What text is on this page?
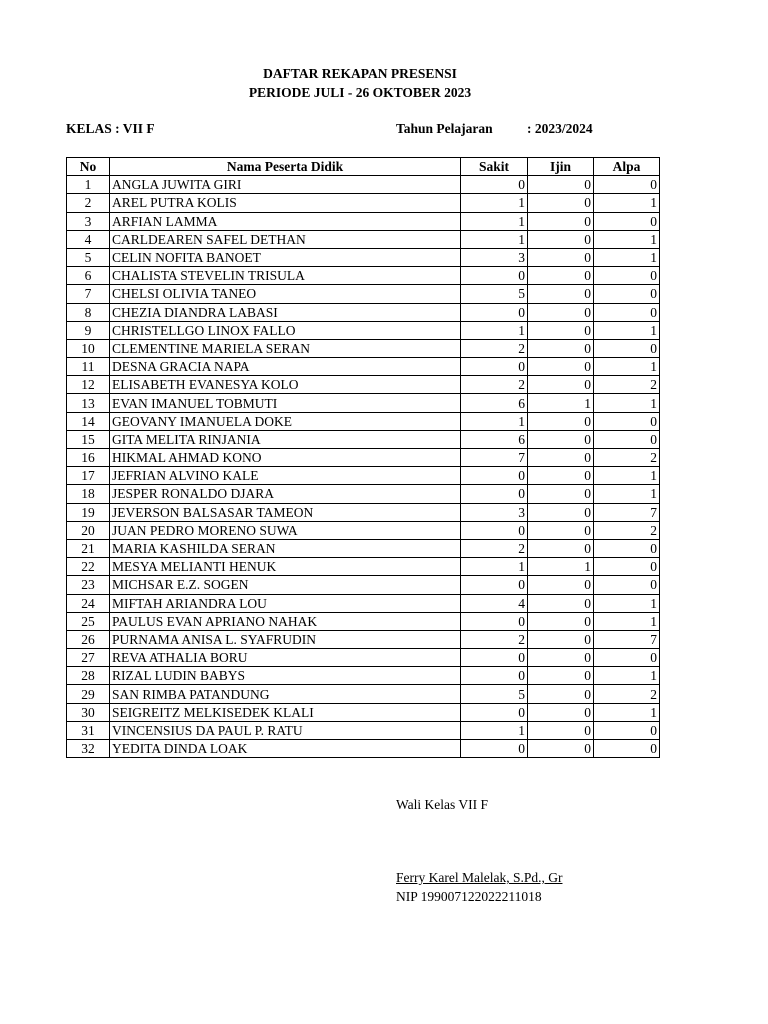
DAFTAR REKAPAN PRESENSI
PERIODE JULI - 26 OKTOBER 2023
KELAS : VII F	Tahun Pelajaran	: 2023/2024
No	Nama Peserta Didik	Sakit	Ijin	Alpa
1	ANGLA JUWITA GIRI	0	0	0
2	AREL PUTRA KOLIS	1	0	1
3	ARFIAN LAMMA	1	0	0
4	CARLDEAREN SAFEL DETHAN	1	0	1
5	CELIN NOFITA BANOET	3	0	1
6	CHALISTA STEVELIN TRISULA	0	0	0
7	CHELSI OLIVIA TANEO	5	0	0
8	CHEZIA DIANDRA LABASI	0	0	0
9	CHRISTELLGO LINOX FALLO	1	0	1
10	CLEMENTINE MARIELA SERAN	2	0	0
11	DESNA GRACIA NAPA	0	0	1
12	ELISABETH EVANESYA KOLO	2	0	2
13	EVAN IMANUEL TOBMUTI	6	1	1
14	GEOVANY IMANUELA DOKE	1	0	0
15	GITA MELITA RINJANIA	6	0	0
16	HIKMAL AHMAD KONO	7	0	2
17	JEFRIAN ALVINO KALE	0	0	1
18	JESPER RONALDO DJARA	0	0	1
19	JEVERSON BALSASAR TAMEON	3	0	7
20	JUAN PEDRO MORENO SUWA	0	0	2
21	MARIA KASHILDA SERAN	2	0	0
22	MESYA MELIANTI HENUK	1	1	0
23	MICHSAR E.Z. SOGEN	0	0	0
24	MIFTAH ARIANDRA LOU	4	0	1
25	PAULUS EVAN APRIANO NAHAK	0	0	1
26	PURNAMA ANISA L. SYAFRUDIN	2	0	7
27	REVA ATHALIA BORU	0	0	0
28	RIZAL LUDIN BABYS	0	0	1
29	SAN RIMBA PATANDUNG	5	0	2
30	SEIGREITZ MELKISEDEK KLALI	0	0	1
31	VINCENSIUS DA PAUL P. RATU	1	0	0
32	YEDITA DINDA LOAK	0	0	0
Wali Kelas VII F
Ferry Karel Malelak, S.Pd., Gr
NIP 199007122022211018
